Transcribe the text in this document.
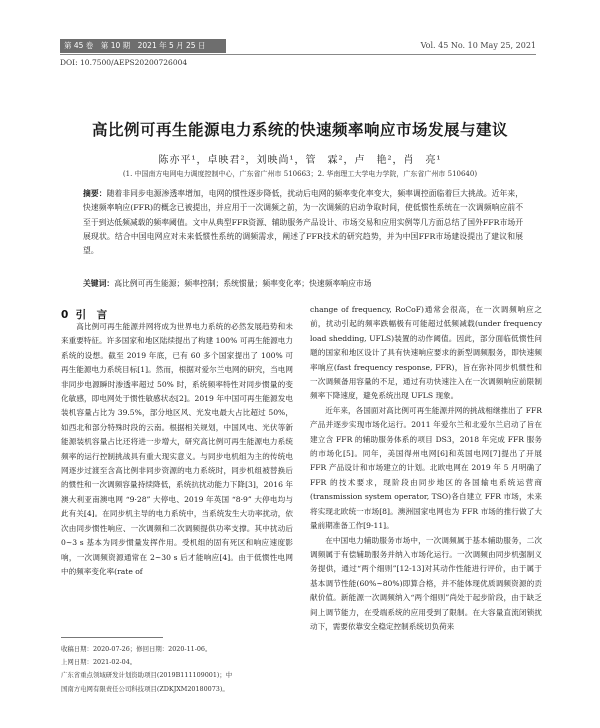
第 45 卷　第 10 期　2021 年 5 月 25 日	Vol. 45 No. 10 May 25, 2021
DOI: 10.7500/AEPS20200726004
高比例可再生能源电力系统的快速频率响应市场发展与建议
陈亦平¹，卓映君²，刘映尚¹，管　霖²，卢　艳²，肖　亮¹
(1. 中国南方电网电力调度控制中心，广东省广州市 510663；2. 华南理工大学电力学院，广东省广州市 510640)
摘要：随着非同步电源渗透率增加，电网的惯性逐步降低，扰动后电网的频率变化率变大，频率调控面临着巨大挑战。近年来，快速频率响应(FFR)的概念已被提出，并应用于一次调频之前，为一次调频的启动争取时间，使低惯性系统在一次调频响应前不至于到达低频减载的频率阈值。文中从典型FFR资源、辅助服务产品设计、市场交易和应用实例等几方面总结了国外FFR市场开展现状。结合中国电网应对未来低惯性系统的调频需求，阐述了FFR技术的研究趋势，并为中国FFR市场建设提出了建议和展望。
关键词：高比例可再生能源；频率控制；系统惯量；频率变化率；快速频率响应市场
0 引　言

高比例可再生能源并网将成为世界电力系统的必然发展趋势和未来重要特征。许多国家和地区陆续提出了构建 100% 可再生能源电力系统的设想。截至 2019 年底，已有 60 多个国家提出了 100% 可再生能源电力系统目标[1]。然而，根据对爱尔兰电网的研究，当电网非同步电源瞬时渗透率超过 50% 时，系统频率特性对同步惯量的变化敏感，即电网处于惯性敏感状态[2]。2019 年中国可再生能源发电装机容量占比为 39.5%，部分地区风、光发电最大占比超过 50%，如西北和部分特殊时段的云南。根据相关规划，中国风电、光伏等新能源装机容量占比还将进一步增大，研究高比例可再生能源电力系统频率的运行控制挑战具有重大现实意义。与同步电机组为主的传统电网逐步过渡至含高比例非同步资源的电力系统时，同步机组被替换后的惯性和一次调频容量持续降低，系统抗扰动能力下降[3]，2016 年澳大利亚南澳电网 “9·28” 大停电、2019 年英国 “8·9” 大停电均与此有关[4]。在同步机主导的电力系统中，当系统发生大功率扰动，依次由同步惯性响应、一次调频和二次调频提供功率支撑。其中扰动后 0~3 s 基本为同步惯量发挥作用。受机组的固有死区和响应速度影响，一次调频资源通常在 2~30 s 后才能响应[4]。由于低惯性电网中的频率变化率(rate of

change of frequency, RoCoF)通常会很高，在一次调频响应之前，扰动引起的频率跌幅极有可能超过低频减载(under frequency load shedding, UFLS)装置的动作阈值。因此，部分面临低惯性问题的国家和地区设计了具有快速响应要求的新型调频服务，即快速频率响应(fast frequency response, FFR)，旨在弥补同步机惯性和一次调频备用容量的不足，通过有功快速注入在一次调频响应前限制频率下降速度，避免系统出现 UFLS 现象。

近年来，各国面对高比例可再生能源并网的挑战相继推出了 FFR 产品并逐步实现市场化运行。2011 年爱尔兰和北爱尔兰启动了旨在建立含 FFR 的辅助服务体系的项目 DS3，2018 年完成 FFR 服务的市场化[5]。同年，美国得州电网[6]和英国电网[7]提出了开展 FFR 产品设计和市场建立的计划。北欧电网在 2019 年 5 月明确了 FFR 的技术要求，现阶段由同步地区的各国输电系统运营商(transmission system operator, TSO)各自建立 FFR 市场，未来将实现北欧统一市场[8]。澳洲国家电网也为 FFR 市场的推行做了大量前期准备工作[9-11]。

在中国电力辅助服务市场中，一次调频属于基本辅助服务，二次调频属于有偿辅助服务并纳入市场化运行。一次调频由同步机强制义务提供，通过“两个细则”[12-13]对其动作性能进行评价，由于属于基本调节性能(60%~80%)即算合格，并不能体现优质调频资源的贡献价值。新能源一次调频纳入“两个细则”尚处于起步阶段，由于缺乏间上调节能力，在受端系统的应用受到了限制。在大容量直流闭锁扰动下，需要依靠安全稳定控制系统切负荷来

收稿日期：2020-07-26；修回日期：2020-11-06。
上网日期：2021-02-04。
广东省重点领域研发计划资助项目(2019B111109001)；中
国南方电网有限责任公司科技项目(ZDKJXM20180073)。
